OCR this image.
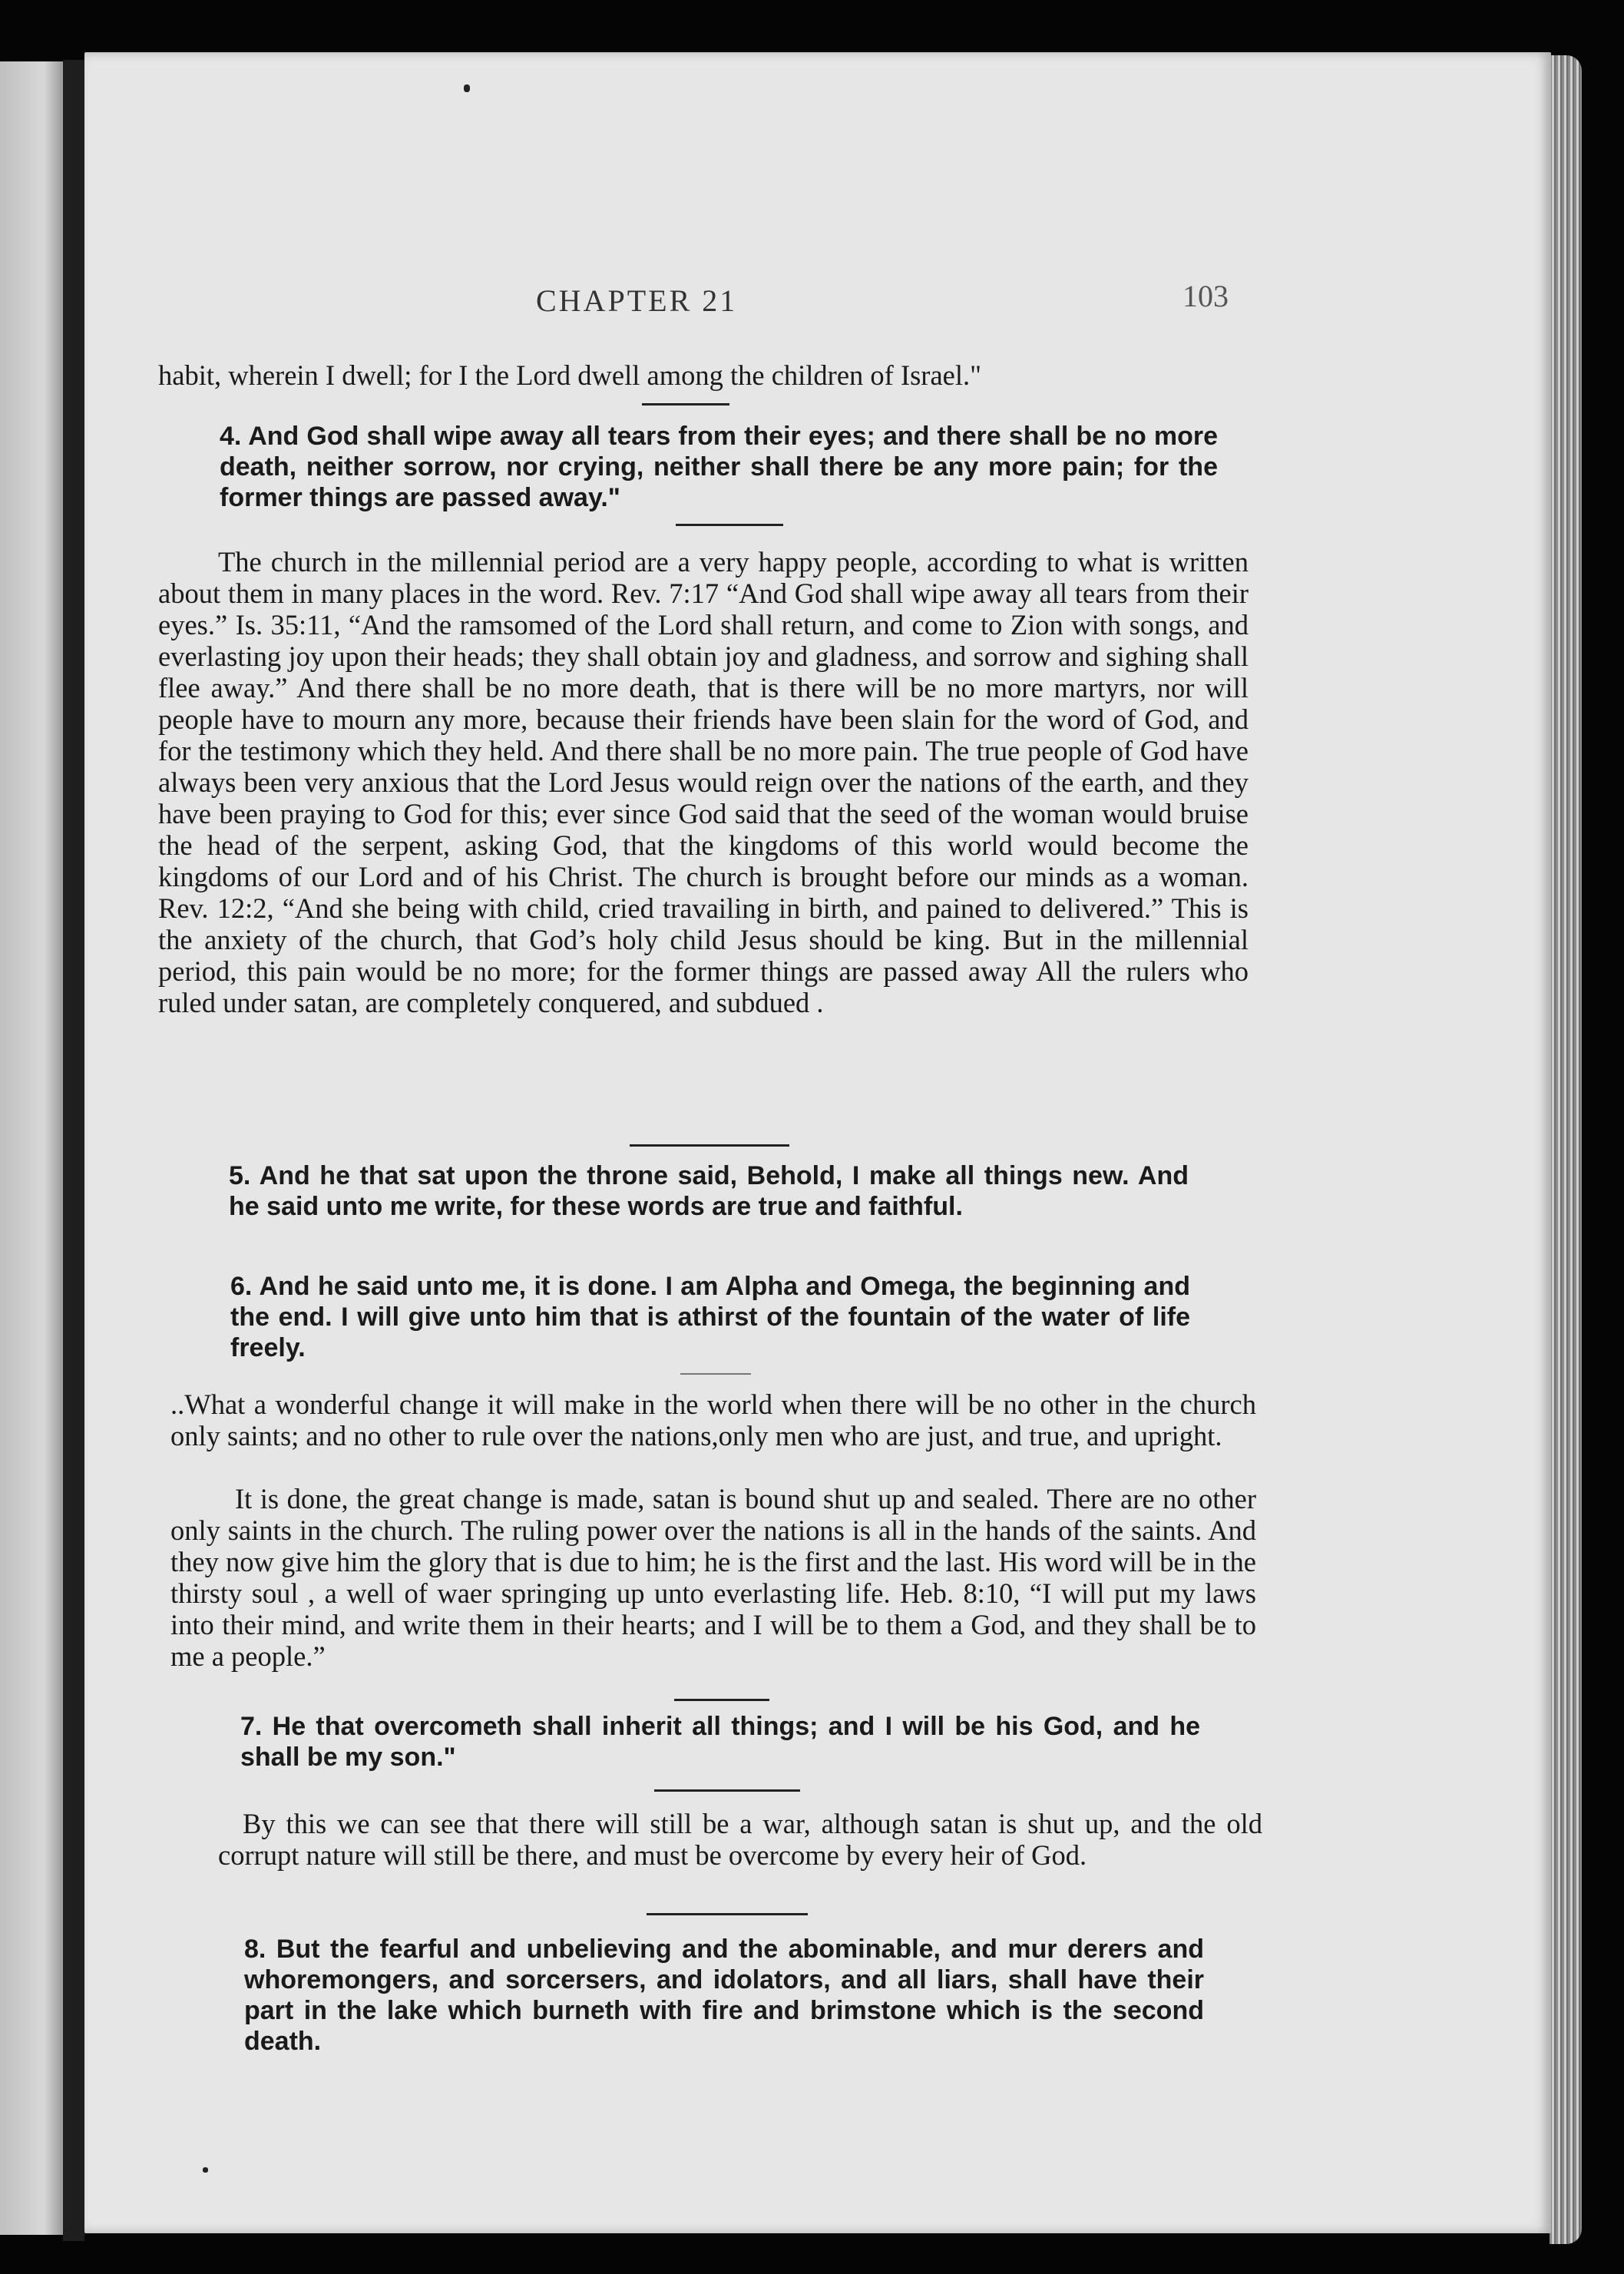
CHAPTER 21	103
habit, wherein I dwell; for I the Lord dwell among the children of Israel."
4. And God shall wipe away all tears from their eyes; and there shall be no more death, neither sorrow, nor crying, neither shall there be any more pain; for the former things are passed away."
The church in the millennial period are a very happy people, according to what is written about them in many places in the word. Rev. 7:17 “And God shall wipe away all tears from their eyes.” Is. 35:11, “And the ramsomed of the Lord shall return, and come to Zion with songs, and everlasting joy upon their heads; they shall obtain joy and gladness, and sorrow and sighing shall flee away.” And there shall be no more death, that is there will be no more martyrs, nor will people have to mourn any more, because their friends have been slain for the word of God, and for the testimony which they held. And there shall be no more pain. The true people of God have always been very anxious that the Lord Jesus would reign over the nations of the earth, and they have been praying to God for this; ever since God said that the seed of the woman would bruise the head of the serpent, asking God, that the kingdoms of this world would become the kingdoms of our Lord and of his Christ. The church is brought before our minds as a woman. Rev. 12:2, “And she being with child, cried travailing in birth, and pained to delivered.” This is the anxiety of the church, that God’s holy child Jesus should be king. But in the millennial period, this pain would be no more; for the former things are passed away All the rulers who ruled under satan, are completely conquered, and subdued .
5. And he that sat upon the throne said, Behold, I make all things new. And he said unto me write, for these words are true and faithful.
6. And he said unto me, it is done. I am Alpha and Omega, the beginning and the end. I will give unto him that is athirst of the fountain of the water of life freely.
..What a wonderful change it will make in the world when there will be no other in the church only saints; and no other to rule over the nations,only men who are just, and true, and upright.
It is done, the great change is made, satan is bound shut up and sealed. There are no other only saints in the church. The ruling power over the nations is all in the hands of the saints. And they now give him the glory that is due to him; he is the first and the last. His word will be in the thirsty soul , a well of waer springing up unto everlasting life. Heb. 8:10, “I will put my laws into their mind, and write them in their hearts; and I will be to them a God, and they shall be to me a people.”
7. He that overcometh shall inherit all things; and I will be his God, and he shall be my son."
By this we can see that there will still be a war, although satan is shut up, and the old corrupt nature will still be there, and must be overcome by every heir of God.
8. But the fearful and unbelieving and the abominable, and mur derers and whoremongers, and sorcersers, and idolators, and all liars, shall have their part in the lake which burneth with fire and brimstone which is the second death.
